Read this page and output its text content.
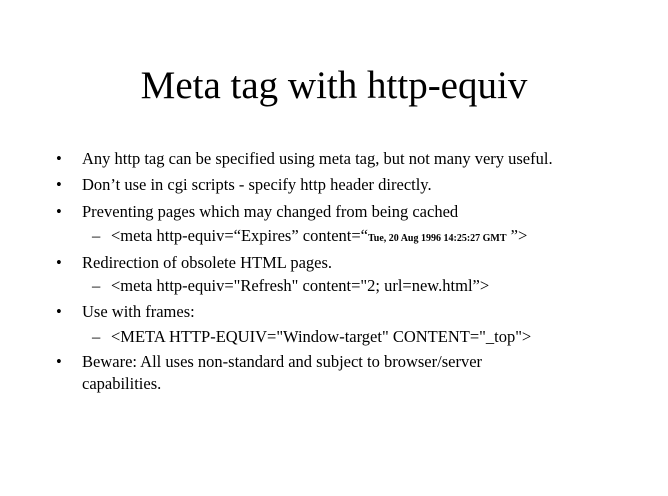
Meta tag with http-equiv
•	Any http tag can be specified using meta tag, but not many very useful.
•	Don’t use in cgi scripts - specify http header directly.
•	Preventing pages which may changed from being cached
– <meta http-equiv=“Expires” content=“Tue, 20 Aug 1996 14:25:27 GMT ”>
•	Redirection of obsolete HTML pages.
– <meta http-equiv="Refresh" content="2; url=new.html”>
•	Use with frames:
– <META HTTP-EQUIV="Window-target" CONTENT="_top">
•	Beware: All uses non-standard and subject to browser/server
capabilities.
